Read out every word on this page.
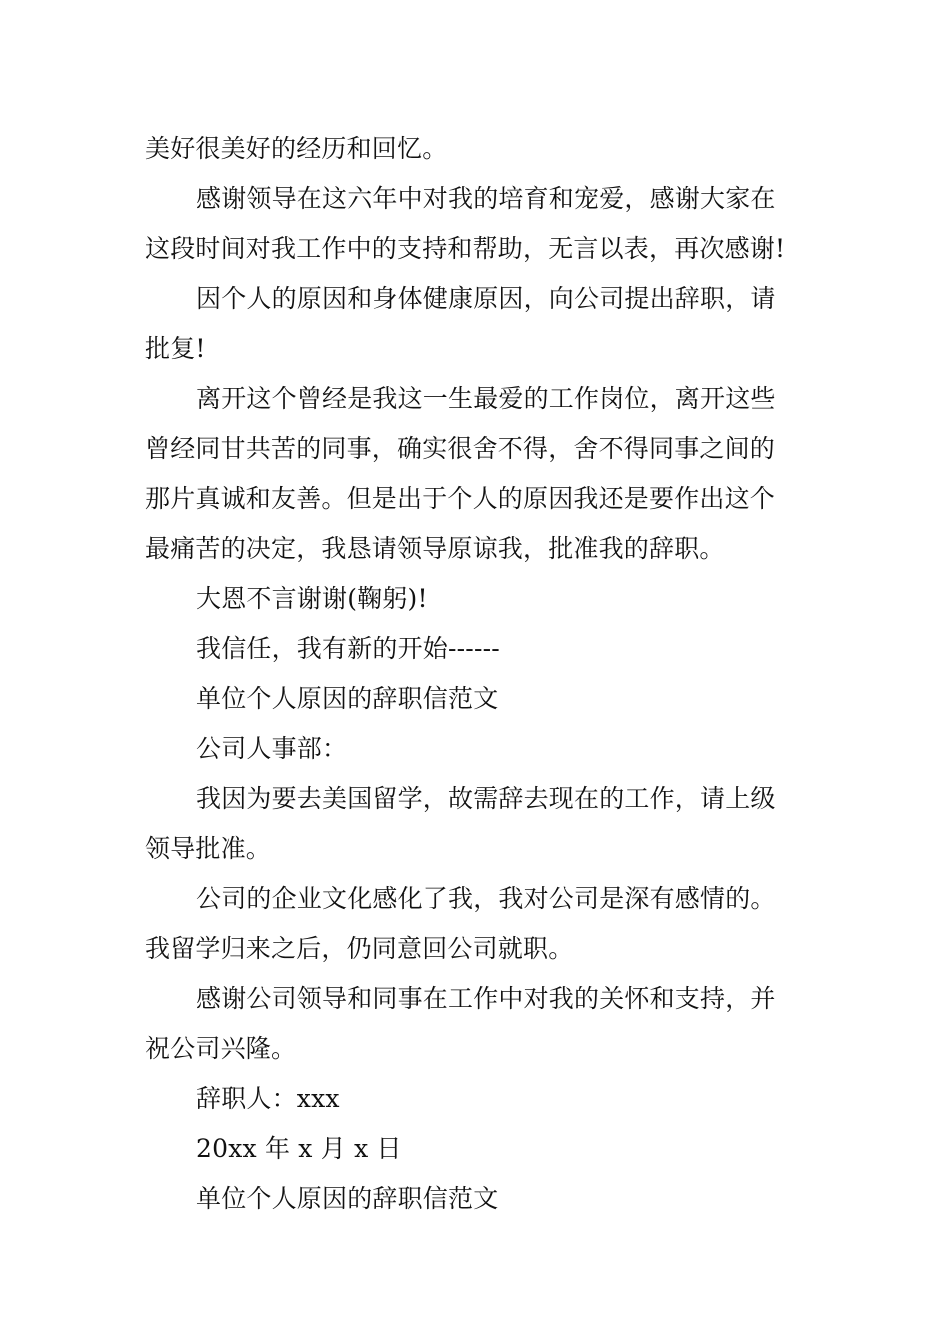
美好很美好的经历和回忆。
感谢领导在这六年中对我的培育和宠爱，感谢大家在
这段时间对我工作中的支持和帮助，无言以表，再次感谢!
因个人的原因和身体健康原因，向公司提出辞职，请
批复!
离开这个曾经是我这一生最爱的工作岗位，离开这些
曾经同甘共苦的同事，确实很舍不得，舍不得同事之间的
那片真诚和友善。但是出于个人的原因我还是要作出这个
最痛苦的决定，我恳请领导原谅我，批准我的辞职。
大恩不言谢谢(鞠躬)!
我信任，我有新的开始------
单位个人原因的辞职信范文
公司人事部：
我因为要去美国留学，故需辞去现在的工作，请上级
领导批准。
公司的企业文化感化了我，我对公司是深有感情的。
我留学归来之后，仍同意回公司就职。
感谢公司领导和同事在工作中对我的关怀和支持，并
祝公司兴隆。
辞职人：xxx
20xx 年 x 月 x 日
单位个人原因的辞职信范文
